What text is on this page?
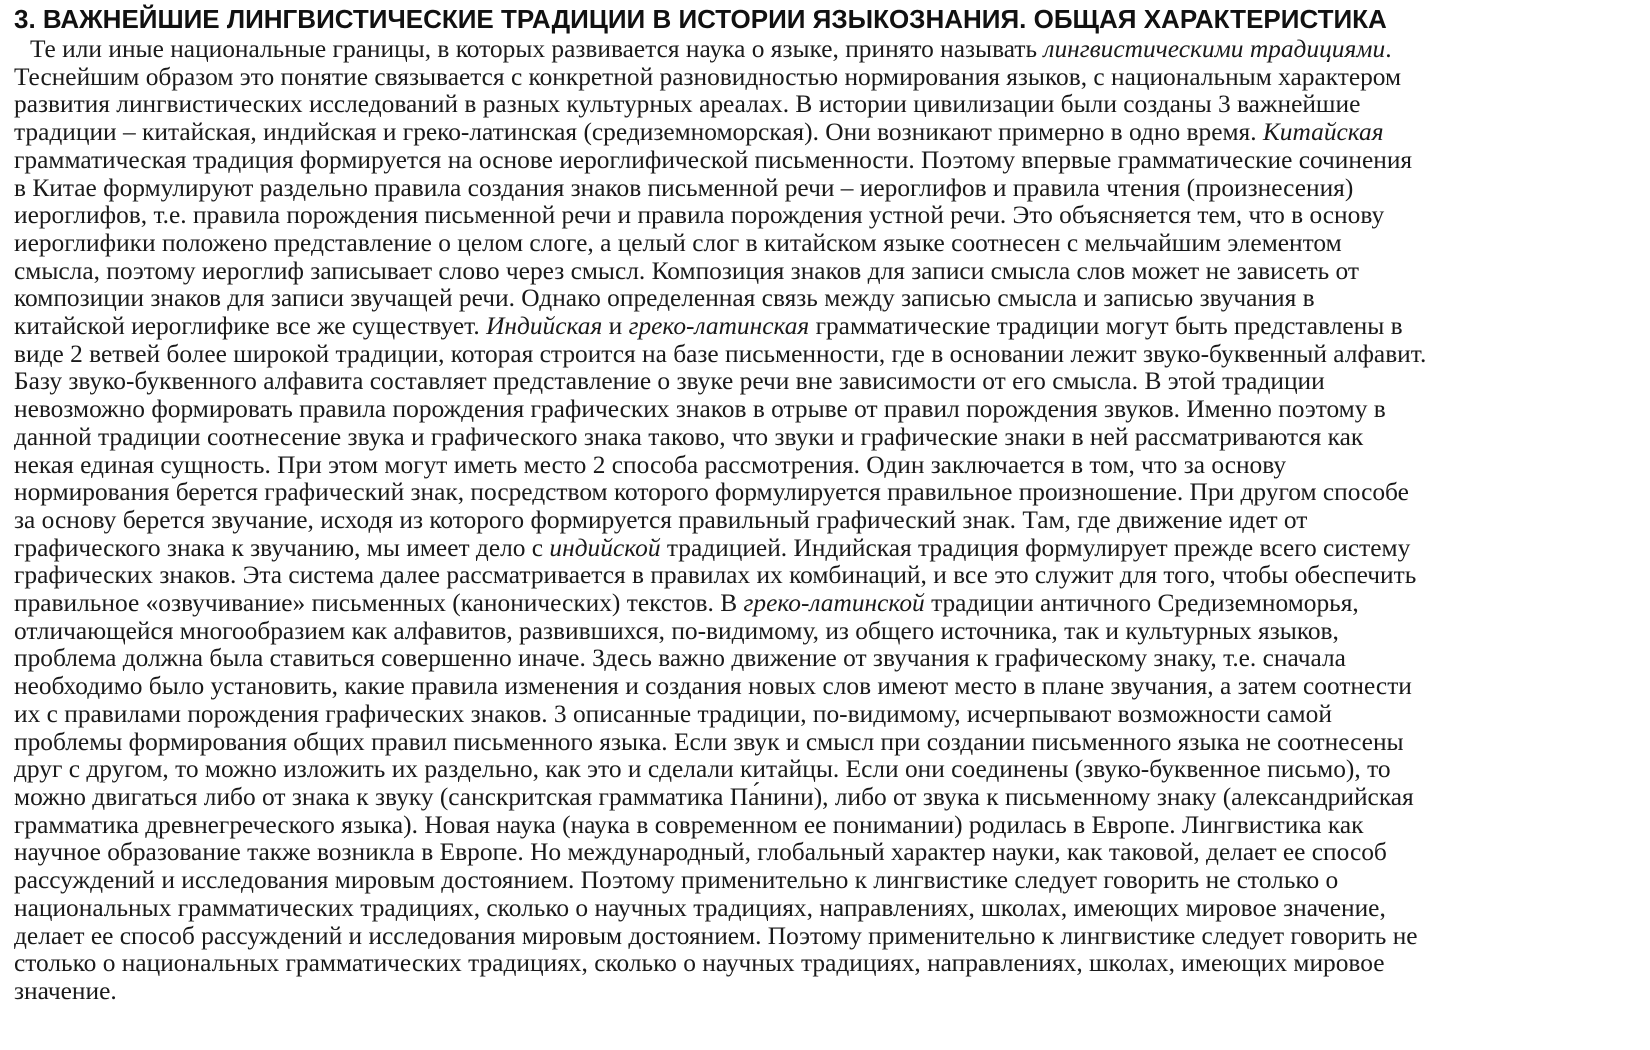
3. ВАЖНЕЙШИЕ ЛИНГВИСТИЧЕСКИЕ ТРАДИЦИИ В ИСТОРИИ ЯЗЫКОЗНАНИЯ. ОБЩАЯ ХАРАКТЕРИСТИКА
Те или иные национальные границы, в которых развивается наука о языке, принято называть лингвистическими традициями.
Теснейшим образом это понятие связывается с конкретной разновидностью нормирования языков, с национальным характером
развития лингвистических исследований в разных культурных ареалах. В истории цивилизации были созданы 3 важнейшие
традиции – китайская, индийская и греко-латинская (средиземноморская). Они возникают примерно в одно время. Китайская
грамматическая традиция формируется на основе иероглифической письменности. Поэтому впервые грамматические сочинения
в Китае формулируют раздельно правила создания знаков письменной речи – иероглифов и правила чтения (произнесения)
иероглифов, т.е. правила порождения письменной речи и правила порождения устной речи. Это объясняется тем, что в основу
иероглифики положено представление о целом слоге, а целый слог в китайском языке соотнесен с мельчайшим элементом
смысла, поэтому иероглиф записывает слово через смысл. Композиция знаков для записи смысла слов может не зависеть от
композиции знаков для записи звучащей речи. Однако определенная связь между записью смысла и записью звучания в
китайской иероглифике все же существует. Индийская и греко-латинская грамматические традиции могут быть представлены в
виде 2 ветвей более широкой традиции, которая строится на базе письменности, где в основании лежит звуко-буквенный алфавит.
Базу звуко-буквенного алфавита составляет представление о звуке речи вне зависимости от его смысла. В этой традиции
невозможно формировать правила порождения графических знаков в отрыве от правил порождения звуков. Именно поэтому в
данной традиции соотнесение звука и графического знака таково, что звуки и графические знаки в ней рассматриваются как
некая единая сущность. При этом могут иметь место 2 способа рассмотрения. Один заключается в том, что за основу
нормирования берется графический знак, посредством которого формулируется правильное произношение. При другом способе
за основу берется звучание, исходя из которого формируется правильный графический знак. Там, где движение идет от
графического знака к звучанию, мы имеет дело с индийской традицией. Индийская традиция формулирует прежде всего систему
графических знаков. Эта система далее рассматривается в правилах их комбинаций, и все это служит для того, чтобы обеспечить
правильное «озвучивание» письменных (канонических) текстов. В греко-латинской традиции античного Средиземноморья,
отличающейся многообразием как алфавитов, развившихся, по-видимому, из общего источника, так и культурных языков,
проблема должна была ставиться совершенно иначе. Здесь важно движение от звучания к графическому знаку, т.е. сначала
необходимо было установить, какие правила изменения и создания новых слов имеют место в плане звучания, а затем соотнести
их с правилами порождения графических знаков. 3 описанные традиции, по-видимому, исчерпывают возможности самой
проблемы формирования общих правил письменного языка. Если звук и смысл при создании письменного языка не соотнесены
друг с другом, то можно изложить их раздельно, как это и сделали китайцы. Если они соединены (звуко-буквенное письмо), то
можно двигаться либо от знака к звуку (санскритская грамматика Па́нини), либо от звука к письменному знаку (александрийская
грамматика древнегреческого языка). Новая наука (наука в современном ее понимании) родилась в Европе. Лингвистика как
научное образование также возникла в Европе. Но международный, глобальный характер науки, как таковой, делает ее способ
рассуждений и исследования мировым достоянием. Поэтому применительно к лингвистике следует говорить не столько о
национальных грамматических традициях, сколько о научных традициях, направлениях, школах, имеющих мировое значение,
делает ее способ рассуждений и исследования мировым достоянием. Поэтому применительно к лингвистике следует говорить не
столько о национальных грамматических традициях, сколько о научных традициях, направлениях, школах, имеющих мировое
значение.
